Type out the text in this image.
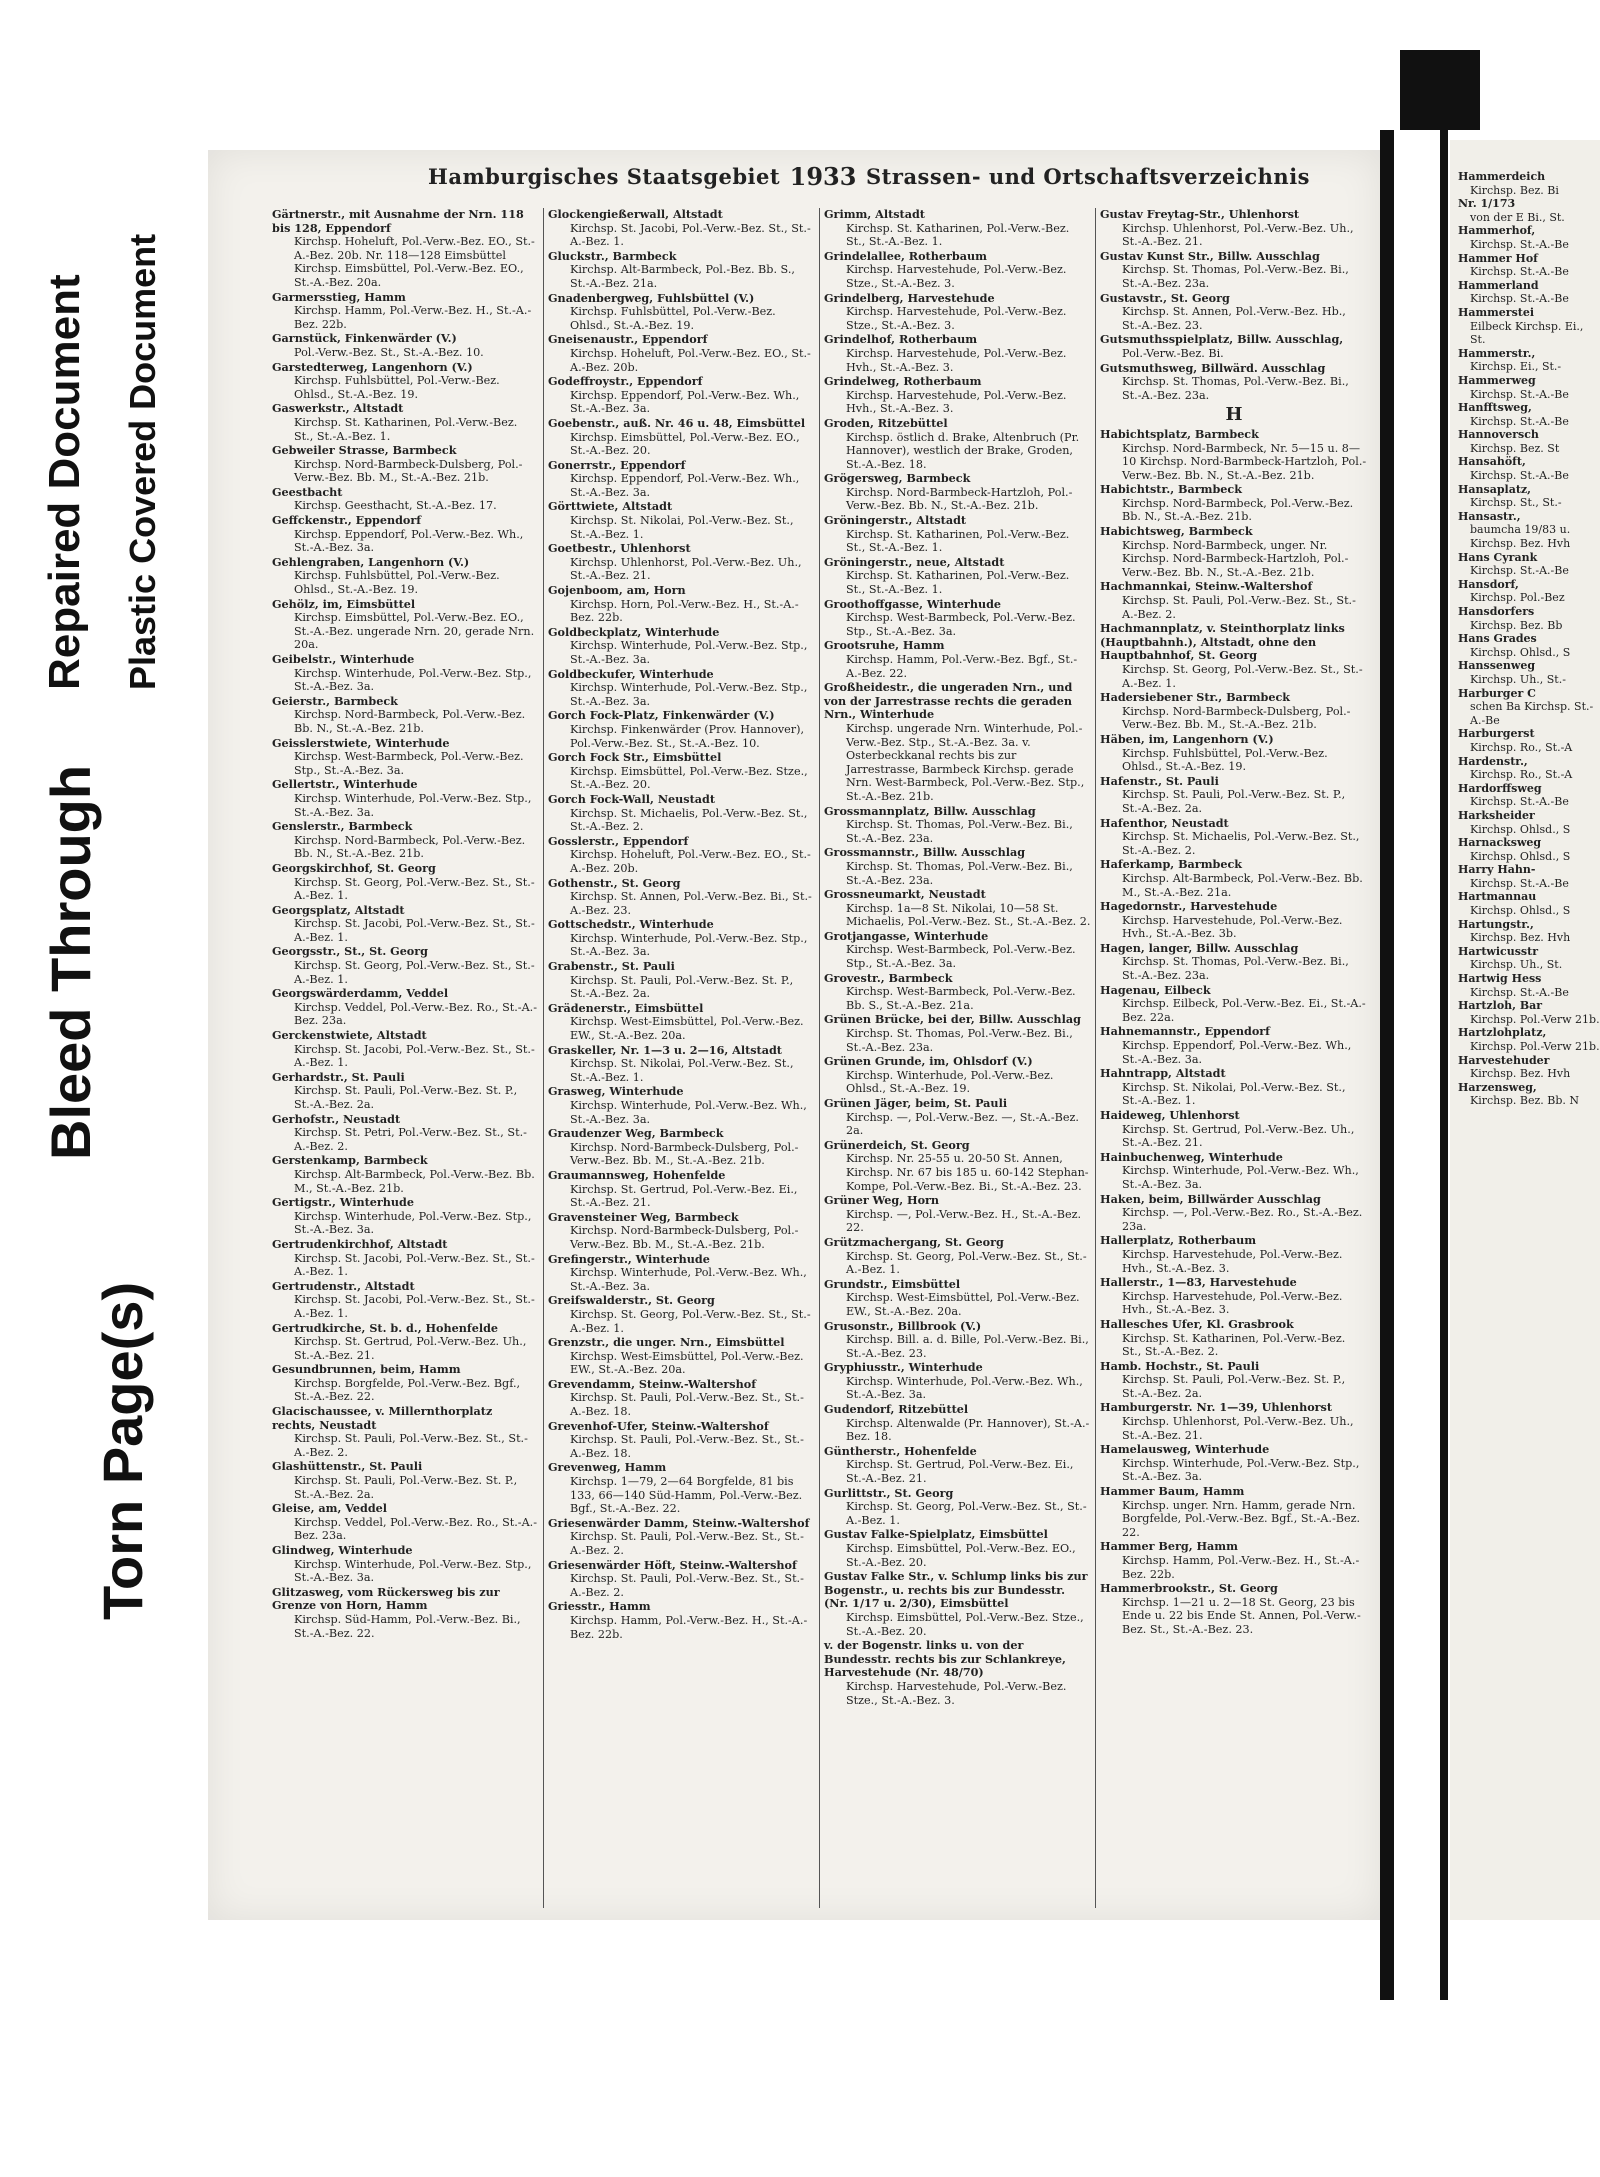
Bleed Through
Torn Page(s)
Repaired Document Plastic Covered Document
Hamburgisches Staatsgebiet 1933 Strassen- und Ortschaftsverzeichnis
Gärtnerstr., mit Ausnahme der Nrn. 118 bis 128, Eppendorf
Kirchsp. Hoheluft, Pol.-Verw.-Bez. EO., St.-A.-Bez. 20b. Nr. 118—128 Eimsbüttel Kirchsp. Eimsbüttel, Pol.-Verw.-Bez. EO., St.-A.-Bez. 20a.
Garmersstieg, Hamm
Kirchsp. Hamm, Pol.-Verw.-Bez. H., St.-A.-Bez. 22b.
Garnstück, Finkenwärder (V.)
Pol.-Verw.-Bez. St., St.-A.-Bez. 10.
Garstedterweg, Langenhorn (V.)
Kirchsp. Fuhlsbüttel, Pol.-Verw.-Bez. Ohlsd., St.-A.-Bez. 19.
Gaswerkstr., Altstadt
Kirchsp. St. Katharinen, Pol.-Verw.-Bez. St., St.-A.-Bez. 1.
Gebweiler Strasse, Barmbeck
Kirchsp. Nord-Barmbeck-Dulsberg, Pol.-Verw.-Bez. Bb. M., St.-A.-Bez. 21b.
Geestbacht
Kirchsp. Geesthacht, St.-A.-Bez. 17.
Geffckenstr., Eppendorf
Kirchsp. Eppendorf, Pol.-Verw.-Bez. Wh., St.-A.-Bez. 3a.
Gehlengraben, Langenhorn (V.)
Kirchsp. Fuhlsbüttel, Pol.-Verw.-Bez. Ohlsd., St.-A.-Bez. 19.
Gehölz, im, Eimsbüttel
Kirchsp. Eimsbüttel, Pol.-Verw.-Bez. EO., St.-A.-Bez. ungerade Nrn. 20, gerade Nrn. 20a.
Geibelstr., Winterhude
Kirchsp. Winterhude, Pol.-Verw.-Bez. Stp., St.-A.-Bez. 3a.
Geierstr., Barmbeck
Kirchsp. Nord-Barmbeck, Pol.-Verw.-Bez. Bb. N., St.-A.-Bez. 21b.
Geisslerstwiete, Winterhude
Kirchsp. West-Barmbeck, Pol.-Verw.-Bez. Stp., St.-A.-Bez. 3a.
Gellertstr., Winterhude
Kirchsp. Winterhude, Pol.-Verw.-Bez. Stp., St.-A.-Bez. 3a.
Genslerstr., Barmbeck
Kirchsp. Nord-Barmbeck, Pol.-Verw.-Bez. Bb. N., St.-A.-Bez. 21b.
Georgskirchhof, St. Georg
Kirchsp. St. Georg, Pol.-Verw.-Bez. St., St.-A.-Bez. 1.
Georgsplatz, Altstadt
Kirchsp. St. Jacobi, Pol.-Verw.-Bez. St., St.-A.-Bez. 1.
Georgsstr., St., St. Georg
Kirchsp. St. Georg, Pol.-Verw.-Bez. St., St.-A.-Bez. 1.
Georgswärderdamm, Veddel
Kirchsp. Veddel, Pol.-Verw.-Bez. Ro., St.-A.-Bez. 23a.
Gerckenstwiete, Altstadt
Kirchsp. St. Jacobi, Pol.-Verw.-Bez. St., St.-A.-Bez. 1.
Gerhardstr., St. Pauli
Kirchsp. St. Pauli, Pol.-Verw.-Bez. St. P., St.-A.-Bez. 2a.
Gerhofstr., Neustadt
Kirchsp. St. Petri, Pol.-Verw.-Bez. St., St.-A.-Bez. 2.
Gerstenkamp, Barmbeck
Kirchsp. Alt-Barmbeck, Pol.-Verw.-Bez. Bb. M., St.-A.-Bez. 21b.
Gertigstr., Winterhude
Kirchsp. Winterhude, Pol.-Verw.-Bez. Stp., St.-A.-Bez. 3a.
Gertrudenkirchhof, Altstadt
Kirchsp. St. Jacobi, Pol.-Verw.-Bez. St., St.-A.-Bez. 1.
Gertrudenstr., Altstadt
Kirchsp. St. Jacobi, Pol.-Verw.-Bez. St., St.-A.-Bez. 1.
Gertrudkirche, St. b. d., Hohenfelde
Kirchsp. St. Gertrud, Pol.-Verw.-Bez. Uh., St.-A.-Bez. 21.
Gesundbrunnen, beim, Hamm
Kirchsp. Borgfelde, Pol.-Verw.-Bez. Bgf., St.-A.-Bez. 22.
Glacischaussee, v. Millernthorplatz rechts, Neustadt
Kirchsp. St. Pauli, Pol.-Verw.-Bez. St., St.-A.-Bez. 2.
Glashüttenstr., St. Pauli
Kirchsp. St. Pauli, Pol.-Verw.-Bez. St. P., St.-A.-Bez. 2a.
Gleise, am, Veddel
Kirchsp. Veddel, Pol.-Verw.-Bez. Ro., St.-A.-Bez. 23a.
Glindweg, Winterhude
Kirchsp. Winterhude, Pol.-Verw.-Bez. Stp., St.-A.-Bez. 3a.
Glitzasweg, vom Rückersweg bis zur Grenze von Horn, Hamm
Kirchsp. Süd-Hamm, Pol.-Verw.-Bez. Bi., St.-A.-Bez. 22.
Glockengießerwall, Altstadt
Kirchsp. St. Jacobi, Pol.-Verw.-Bez. St., St.-A.-Bez. 1.
Gluckstr., Barmbeck
Kirchsp. Alt-Barmbeck, Pol.-Bez. Bb. S., St.-A.-Bez. 21a.
Gnadenbergweg, Fuhlsbüttel (V.)
Kirchsp. Fuhlsbüttel, Pol.-Verw.-Bez. Ohlsd., St.-A.-Bez. 19.
Gneisenaustr., Eppendorf
Kirchsp. Hoheluft, Pol.-Verw.-Bez. EO., St.-A.-Bez. 20b.
Godeffroystr., Eppendorf
Kirchsp. Eppendorf, Pol.-Verw.-Bez. Wh., St.-A.-Bez. 3a.
Goebenstr., auß. Nr. 46 u. 48, Eimsbüttel
Kirchsp. Eimsbüttel, Pol.-Verw.-Bez. EO., St.-A.-Bez. 20.
Gonerrstr., Eppendorf
Kirchsp. Eppendorf, Pol.-Verw.-Bez. Wh., St.-A.-Bez. 3a.
Görttwiete, Altstadt
Kirchsp. St. Nikolai, Pol.-Verw.-Bez. St., St.-A.-Bez. 1.
Goetbestr., Uhlenhorst
Kirchsp. Uhlenhorst, Pol.-Verw.-Bez. Uh., St.-A.-Bez. 21.
Gojenboom, am, Horn
Kirchsp. Horn, Pol.-Verw.-Bez. H., St.-A.-Bez. 22b.
Goldbeckplatz, Winterhude
Kirchsp. Winterhude, Pol.-Verw.-Bez. Stp., St.-A.-Bez. 3a.
Goldbeckufer, Winterhude
Kirchsp. Winterhude, Pol.-Verw.-Bez. Stp., St.-A.-Bez. 3a.
Gorch Fock-Platz, Finkenwärder (V.)
Kirchsp. Finkenwärder (Prov. Hannover), Pol.-Verw.-Bez. St., St.-A.-Bez. 10.
Gorch Fock Str., Eimsbüttel
Kirchsp. Eimsbüttel, Pol.-Verw.-Bez. Stze., St.-A.-Bez. 20.
Gorch Fock-Wall, Neustadt
Kirchsp. St. Michaelis, Pol.-Verw.-Bez. St., St.-A.-Bez. 2.
Gosslerstr., Eppendorf
Kirchsp. Hoheluft, Pol.-Verw.-Bez. EO., St.-A.-Bez. 20b.
Gothenstr., St. Georg
Kirchsp. St. Annen, Pol.-Verw.-Bez. Bi., St.-A.-Bez. 23.
Gottschedstr., Winterhude
Kirchsp. Winterhude, Pol.-Verw.-Bez. Stp., St.-A.-Bez. 3a.
Grabenstr., St. Pauli
Kirchsp. St. Pauli, Pol.-Verw.-Bez. St. P., St.-A.-Bez. 2a.
Grädenerstr., Eimsbüttel
Kirchsp. West-Eimsbüttel, Pol.-Verw.-Bez. EW., St.-A.-Bez. 20a.
Graskeller, Nr. 1—3 u. 2—16, Altstadt
Kirchsp. St. Nikolai, Pol.-Verw.-Bez. St., St.-A.-Bez. 1.
Grasweg, Winterhude
Kirchsp. Winterhude, Pol.-Verw.-Bez. Wh., St.-A.-Bez. 3a.
Graudenzer Weg, Barmbeck
Kirchsp. Nord-Barmbeck-Dulsberg, Pol.-Verw.-Bez. Bb. M., St.-A.-Bez. 21b.
Graumannsweg, Hohenfelde
Kirchsp. St. Gertrud, Pol.-Verw.-Bez. Ei., St.-A.-Bez. 21.
Gravensteiner Weg, Barmbeck
Kirchsp. Nord-Barmbeck-Dulsberg, Pol.-Verw.-Bez. Bb. M., St.-A.-Bez. 21b.
Grefingerstr., Winterhude
Kirchsp. Winterhude, Pol.-Verw.-Bez. Wh., St.-A.-Bez. 3a.
Greifswalderstr., St. Georg
Kirchsp. St. Georg, Pol.-Verw.-Bez. St., St.-A.-Bez. 1.
Grenzstr., die unger. Nrn., Eimsbüttel
Kirchsp. West-Eimsbüttel, Pol.-Verw.-Bez. EW., St.-A.-Bez. 20a.
Grevendamm, Steinw.-Waltershof
Kirchsp. St. Pauli, Pol.-Verw.-Bez. St., St.-A.-Bez. 18.
Grevenhof-Ufer, Steinw.-Waltershof
Kirchsp. St. Pauli, Pol.-Verw.-Bez. St., St.-A.-Bez. 18.
Grevenweg, Hamm
Kirchsp. 1—79, 2—64 Borgfelde, 81 bis 133, 66—140 Süd-Hamm, Pol.-Verw.-Bez. Bgf., St.-A.-Bez. 22.
Griesenwärder Damm, Steinw.-Waltershof
Kirchsp. St. Pauli, Pol.-Verw.-Bez. St., St.-A.-Bez. 2.
Griesenwärder Höft, Steinw.-Waltershof
Kirchsp. St. Pauli, Pol.-Verw.-Bez. St., St.-A.-Bez. 2.
Griesstr., Hamm
Kirchsp. Hamm, Pol.-Verw.-Bez. H., St.-A.-Bez. 22b.
Grimm, Altstadt
Kirchsp. St. Katharinen, Pol.-Verw.-Bez. St., St.-A.-Bez. 1.
Grindelallee, Rotherbaum
Kirchsp. Harvestehude, Pol.-Verw.-Bez. Stze., St.-A.-Bez. 3.
Grindelberg, Harvestehude
Kirchsp. Harvestehude, Pol.-Verw.-Bez. Stze., St.-A.-Bez. 3.
Grindelhof, Rotherbaum
Kirchsp. Harvestehude, Pol.-Verw.-Bez. Hvh., St.-A.-Bez. 3.
Grindelweg, Rotherbaum
Kirchsp. Harvestehude, Pol.-Verw.-Bez. Hvh., St.-A.-Bez. 3.
Groden, Ritzebüttel
Kirchsp. östlich d. Brake, Altenbruch (Pr. Hannover), westlich der Brake, Groden, St.-A.-Bez. 18.
Grögersweg, Barmbeck
Kirchsp. Nord-Barmbeck-Hartzloh, Pol.-Verw.-Bez. Bb. N., St.-A.-Bez. 21b.
Gröningerstr., Altstadt
Kirchsp. St. Katharinen, Pol.-Verw.-Bez. St., St.-A.-Bez. 1.
Gröningerstr., neue, Altstadt
Kirchsp. St. Katharinen, Pol.-Verw.-Bez. St., St.-A.-Bez. 1.
Groothoffgasse, Winterhude
Kirchsp. West-Barmbeck, Pol.-Verw.-Bez. Stp., St.-A.-Bez. 3a.
Grootsruhe, Hamm
Kirchsp. Hamm, Pol.-Verw.-Bez. Bgf., St.-A.-Bez. 22.
Großheidestr., die ungeraden Nrn., und von der Jarrestrasse rechts die geraden Nrn., Winterhude
Kirchsp. ungerade Nrn. Winterhude, Pol.-Verw.-Bez. Stp., St.-A.-Bez. 3a. v. Osterbeckkanal rechts bis zur Jarrestrasse, Barmbeck Kirchsp. gerade Nrn. West-Barmbeck, Pol.-Verw.-Bez. Stp., St.-A.-Bez. 21b.
Grossmannplatz, Billw. Ausschlag
Kirchsp. St. Thomas, Pol.-Verw.-Bez. Bi., St.-A.-Bez. 23a.
Grossmannstr., Billw. Ausschlag
Kirchsp. St. Thomas, Pol.-Verw.-Bez. Bi., St.-A.-Bez. 23a.
Grossneumarkt, Neustadt
Kirchsp. 1a—8 St. Nikolai, 10—58 St. Michaelis, Pol.-Verw.-Bez. St., St.-A.-Bez. 2.
Grotjangasse, Winterhude
Kirchsp. West-Barmbeck, Pol.-Verw.-Bez. Stp., St.-A.-Bez. 3a.
Grovestr., Barmbeck
Kirchsp. West-Barmbeck, Pol.-Verw.-Bez. Bb. S., St.-A.-Bez. 21a.
Grünen Brücke, bei der, Billw. Ausschlag
Kirchsp. St. Thomas, Pol.-Verw.-Bez. Bi., St.-A.-Bez. 23a.
Grünen Grunde, im, Ohlsdorf (V.)
Kirchsp. Winterhude, Pol.-Verw.-Bez. Ohlsd., St.-A.-Bez. 19.
Grünen Jäger, beim, St. Pauli
Kirchsp. —, Pol.-Verw.-Bez. —, St.-A.-Bez. 2a.
Grünerdeich, St. Georg
Kirchsp. Nr. 25-55 u. 20-50 St. Annen, Kirchsp. Nr. 67 bis 185 u. 60-142 Stephan-Kompe, Pol.-Verw.-Bez. Bi., St.-A.-Bez. 23.
Grüner Weg, Horn
Kirchsp. —, Pol.-Verw.-Bez. H., St.-A.-Bez. 22.
Grützmachergang, St. Georg
Kirchsp. St. Georg, Pol.-Verw.-Bez. St., St.-A.-Bez. 1.
Grundstr., Eimsbüttel
Kirchsp. West-Eimsbüttel, Pol.-Verw.-Bez. EW., St.-A.-Bez. 20a.
Grusonstr., Billbrook (V.)
Kirchsp. Bill. a. d. Bille, Pol.-Verw.-Bez. Bi., St.-A.-Bez. 23.
Gryphiusstr., Winterhude
Kirchsp. Winterhude, Pol.-Verw.-Bez. Wh., St.-A.-Bez. 3a.
Gudendorf, Ritzebüttel
Kirchsp. Altenwalde (Pr. Hannover), St.-A.-Bez. 18.
Güntherstr., Hohenfelde
Kirchsp. St. Gertrud, Pol.-Verw.-Bez. Ei., St.-A.-Bez. 21.
Gurlittstr., St. Georg
Kirchsp. St. Georg, Pol.-Verw.-Bez. St., St.-A.-Bez. 1.
Gustav Falke-Spielplatz, Eimsbüttel
Kirchsp. Eimsbüttel, Pol.-Verw.-Bez. EO., St.-A.-Bez. 20.
Gustav Falke Str., v. Schlump links bis zur Bogenstr., u. rechts bis zur Bundesstr. (Nr. 1/17 u. 2/30), Eimsbüttel
Kirchsp. Eimsbüttel, Pol.-Verw.-Bez. Stze., St.-A.-Bez. 20.
v. der Bogenstr. links u. von der Bundesstr. rechts bis zur Schlankreye, Harvestehude (Nr. 48/70)
Kirchsp. Harvestehude, Pol.-Verw.-Bez. Stze., St.-A.-Bez. 3.
Gustav Freytag-Str., Uhlenhorst
Kirchsp. Uhlenhorst, Pol.-Verw.-Bez. Uh., St.-A.-Bez. 21.
Gustav Kunst Str., Billw. Ausschlag
Kirchsp. St. Thomas, Pol.-Verw.-Bez. Bi., St.-A.-Bez. 23a.
Gustavstr., St. Georg
Kirchsp. St. Annen, Pol.-Verw.-Bez. Hb., St.-A.-Bez. 23.
Gutsmuthsspielplatz, Billw. Ausschlag,
Pol.-Verw.-Bez. Bi.
Gutsmuthsweg, Billwärd. Ausschlag
Kirchsp. St. Thomas, Pol.-Verw.-Bez. Bi., St.-A.-Bez. 23a.
H
Habichtsplatz, Barmbeck
Kirchsp. Nord-Barmbeck, Nr. 5—15 u. 8—10 Kirchsp. Nord-Barmbeck-Hartzloh, Pol.-Verw.-Bez. Bb. N., St.-A.-Bez. 21b.
Habichtstr., Barmbeck
Kirchsp. Nord-Barmbeck, Pol.-Verw.-Bez. Bb. N., St.-A.-Bez. 21b.
Habichtsweg, Barmbeck
Kirchsp. Nord-Barmbeck, unger. Nr. Kirchsp. Nord-Barmbeck-Hartzloh, Pol.-Verw.-Bez. Bb. N., St.-A.-Bez. 21b.
Hachmannkai, Steinw.-Waltershof
Kirchsp. St. Pauli, Pol.-Verw.-Bez. St., St.-A.-Bez. 2.
Hachmannplatz, v. Steinthorplatz links (Hauptbahnh.), Altstadt, ohne den Hauptbahnhof, St. Georg
Kirchsp. St. Georg, Pol.-Verw.-Bez. St., St.-A.-Bez. 1.
Hadersiebener Str., Barmbeck
Kirchsp. Nord-Barmbeck-Dulsberg, Pol.-Verw.-Bez. Bb. M., St.-A.-Bez. 21b.
Häben, im, Langenhorn (V.)
Kirchsp. Fuhlsbüttel, Pol.-Verw.-Bez. Ohlsd., St.-A.-Bez. 19.
Hafenstr., St. Pauli
Kirchsp. St. Pauli, Pol.-Verw.-Bez. St. P., St.-A.-Bez. 2a.
Hafenthor, Neustadt
Kirchsp. St. Michaelis, Pol.-Verw.-Bez. St., St.-A.-Bez. 2.
Haferkamp, Barmbeck
Kirchsp. Alt-Barmbeck, Pol.-Verw.-Bez. Bb. M., St.-A.-Bez. 21a.
Hagedornstr., Harvestehude
Kirchsp. Harvestehude, Pol.-Verw.-Bez. Hvh., St.-A.-Bez. 3b.
Hagen, langer, Billw. Ausschlag
Kirchsp. St. Thomas, Pol.-Verw.-Bez. Bi., St.-A.-Bez. 23a.
Hagenau, Eilbeck
Kirchsp. Eilbeck, Pol.-Verw.-Bez. Ei., St.-A.-Bez. 22a.
Hahnemannstr., Eppendorf
Kirchsp. Eppendorf, Pol.-Verw.-Bez. Wh., St.-A.-Bez. 3a.
Hahntrapp, Altstadt
Kirchsp. St. Nikolai, Pol.-Verw.-Bez. St., St.-A.-Bez. 1.
Haideweg, Uhlenhorst
Kirchsp. St. Gertrud, Pol.-Verw.-Bez. Uh., St.-A.-Bez. 21.
Hainbuchenweg, Winterhude
Kirchsp. Winterhude, Pol.-Verw.-Bez. Wh., St.-A.-Bez. 3a.
Haken, beim, Billwärder Ausschlag
Kirchsp. —, Pol.-Verw.-Bez. Ro., St.-A.-Bez. 23a.
Hallerplatz, Rotherbaum
Kirchsp. Harvestehude, Pol.-Verw.-Bez. Hvh., St.-A.-Bez. 3.
Hallerstr., 1—83, Harvestehude
Kirchsp. Harvestehude, Pol.-Verw.-Bez. Hvh., St.-A.-Bez. 3.
Hallesches Ufer, Kl. Grasbrook
Kirchsp. St. Katharinen, Pol.-Verw.-Bez. St., St.-A.-Bez. 2.
Hamb. Hochstr., St. Pauli
Kirchsp. St. Pauli, Pol.-Verw.-Bez. St. P., St.-A.-Bez. 2a.
Hamburgerstr. Nr. 1—39, Uhlenhorst
Kirchsp. Uhlenhorst, Pol.-Verw.-Bez. Uh., St.-A.-Bez. 21.
Hamelausweg, Winterhude
Kirchsp. Winterhude, Pol.-Verw.-Bez. Stp., St.-A.-Bez. 3a.
Hammer Baum, Hamm
Kirchsp. unger. Nrn. Hamm, gerade Nrn. Borgfelde, Pol.-Verw.-Bez. Bgf., St.-A.-Bez. 22.
Hammer Berg, Hamm
Kirchsp. Hamm, Pol.-Verw.-Bez. H., St.-A.-Bez. 22b.
Hammerbrookstr., St. Georg
Kirchsp. 1—21 u. 2—18 St. Georg, 23 bis Ende u. 22 bis Ende St. Annen, Pol.-Verw.-Bez. St., St.-A.-Bez. 23.
Hammerdeich
Kirchsp. Bez. Bi
Nr. 1/173
von der E Bi., St.
Hammerhof,
Kirchsp. St.-A.-Be
Hammer Hof
Kirchsp. St.-A.-Be
Hammerland
Kirchsp. St.-A.-Be
Hammerstei
Eilbeck Kirchsp. Ei., St.
Hammerstr.,
Kirchsp. Ei., St.-
Hammerweg
Kirchsp. St.-A.-Be
Hanfftsweg,
Kirchsp. St.-A.-Be
Hannoversch
Kirchsp. Bez. St
Hansahöft,
Kirchsp. St.-A.-Be
Hansaplatz,
Kirchsp. St., St.-
Hansastr.,
baumcha 19/83 u. Kirchsp. Bez. Hvh
Hans Cyrank
Kirchsp. St.-A.-Be
Hansdorf,
Kirchsp. Pol.-Bez
Hansdorfers
Kirchsp. Bez. Bb
Hans Grades
Kirchsp. Ohlsd., S
Hanssenweg
Kirchsp. Uh., St.-
Harburger C
schen Ba Kirchsp. St.-A.-Be
Harburgerst
Kirchsp. Ro., St.-A
Hardenstr.,
Kirchsp. Ro., St.-A
Hardorffsweg
Kirchsp. St.-A.-Be
Harksheider
Kirchsp. Ohlsd., S
Harnacksweg
Kirchsp. Ohlsd., S
Harry Hahn-
Kirchsp. St.-A.-Be
Hartmannau
Kirchsp. Ohlsd., S
Hartungstr.,
Kirchsp. Bez. Hvh
Hartwicusstr
Kirchsp. Uh., St.
Hartwig Hess
Kirchsp. St.-A.-Be
Hartzloh, Bar
Kirchsp. Pol.-Verw 21b.
Hartzlohplatz,
Kirchsp. Pol.-Verw 21b.
Harvestehuder
Kirchsp. Bez. Hvh
Harzensweg,
Kirchsp. Bez. Bb. N
